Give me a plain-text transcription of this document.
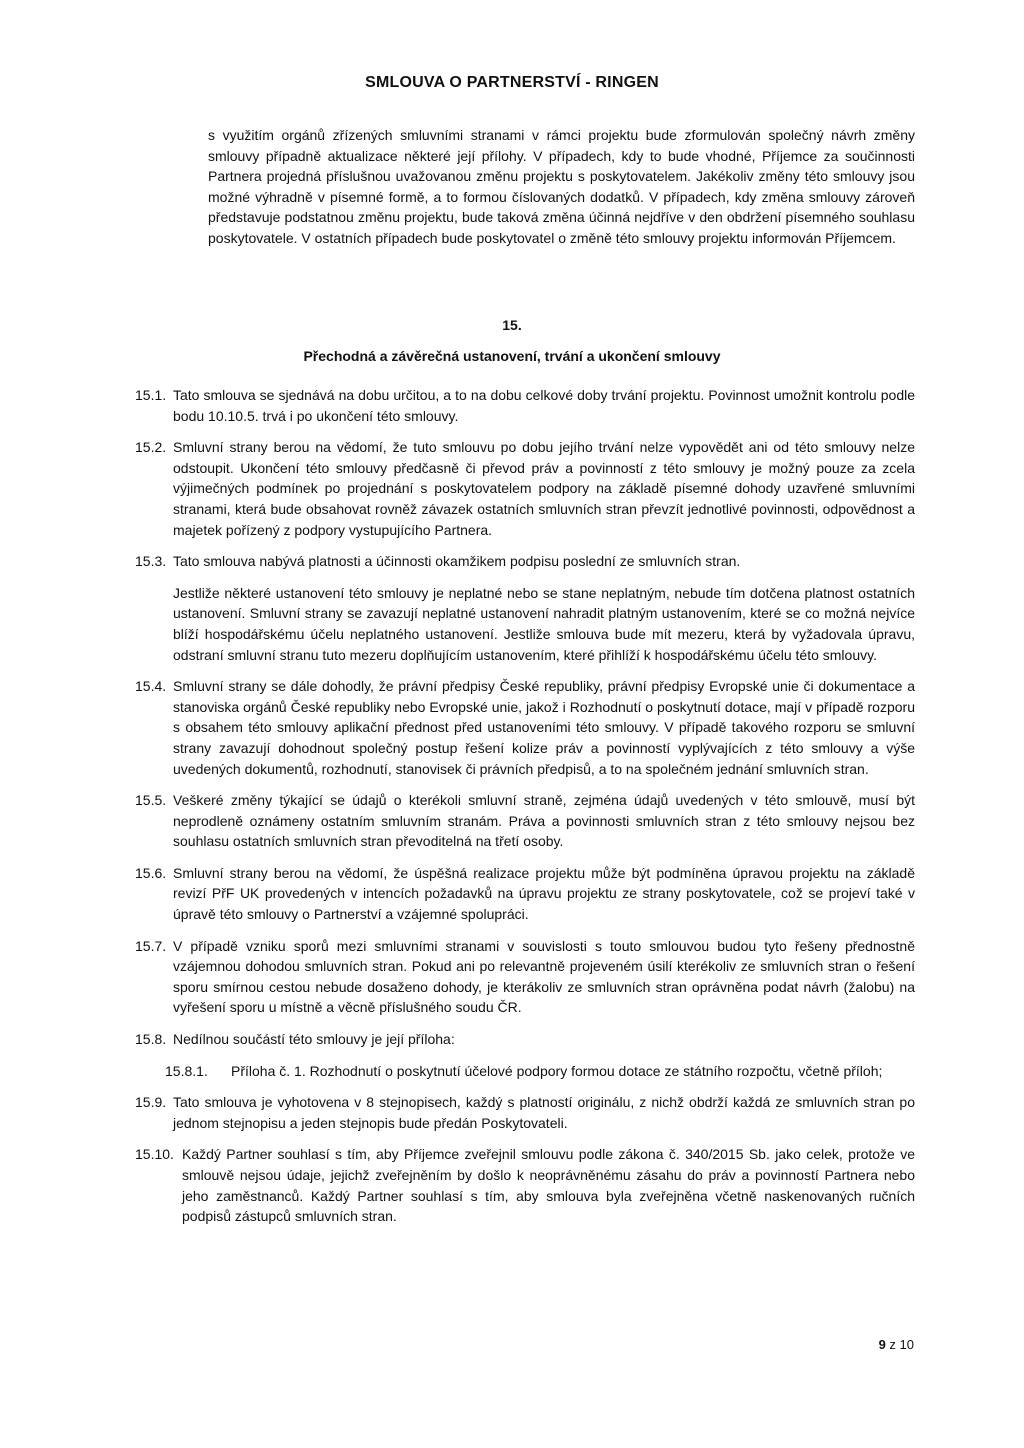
SMLOUVA O PARTNERSTVÍ - RINGEN
s využitím orgánů zřízených smluvními stranami v rámci projektu bude zformulován společný návrh změny smlouvy případně aktualizace některé její přílohy. V případech, kdy to bude vhodné, Příjemce za součinnosti Partnera projedná příslušnou uvažovanou změnu projektu s poskytovatelem. Jakékoliv změny této smlouvy jsou možné výhradně v písemné formě, a to formou číslovaných dodatků. V případech, kdy změna smlouvy zároveň představuje podstatnou změnu projektu, bude taková změna účinná nejdříve v den obdržení písemného souhlasu poskytovatele. V ostatních případech bude poskytovatel o změně této smlouvy projektu informován Příjemcem.
15.
Přechodná a závěrečná ustanovení, trvání a ukončení smlouvy
15.1. Tato smlouva se sjednává na dobu určitou, a to na dobu celkové doby trvání projektu. Povinnost umožnit kontrolu podle bodu 10.10.5. trvá i po ukončení této smlouvy.
15.2. Smluvní strany berou na vědomí, že tuto smlouvu po dobu jejího trvání nelze vypovědět ani od této smlouvy nelze odstoupit. Ukončení této smlouvy předčasně či převod práv a povinností z této smlouvy je možný pouze za zcela výjimečných podmínek po projednání s poskytovatelem podpory na základě písemné dohody uzavřené smluvními stranami, která bude obsahovat rovněž závazek ostatních smluvních stran převzít jednotlivé povinnosti, odpovědnost a majetek pořízený z podpory vystupujícího Partnera.
15.3. Tato smlouva nabývá platnosti a účinnosti okamžikem podpisu poslední ze smluvních stran.
Jestliže některé ustanovení této smlouvy je neplatné nebo se stane neplatným, nebude tím dotčena platnost ostatních ustanovení. Smluvní strany se zavazují neplatné ustanovení nahradit platným ustanovením, které se co možná nejvíce blíží hospodářskému účelu neplatného ustanovení. Jestliže smlouva bude mít mezeru, která by vyžadovala úpravu, odstraní smluvní stranu tuto mezeru doplňujícím ustanovením, které přihlíží k hospodářskému účelu této smlouvy.
15.4. Smluvní strany se dále dohodly, že právní předpisy České republiky, právní předpisy Evropské unie či dokumentace a stanoviska orgánů České republiky nebo Evropské unie, jakož i Rozhodnutí o poskytnutí dotace, mají v případě rozporu s obsahem této smlouvy aplikační přednost před ustanoveními této smlouvy. V případě takového rozporu se smluvní strany zavazují dohodnout společný postup řešení kolize práv a povinností vyplývajících z této smlouvy a výše uvedených dokumentů, rozhodnutí, stanovisek či právních předpisů, a to na společném jednání smluvních stran.
15.5. Veškeré změny týkající se údajů o kterékoli smluvní straně, zejména údajů uvedených v této smlouvě, musí být neprodleně oznámeny ostatním smluvním stranám. Práva a povinnosti smluvních stran z této smlouvy nejsou bez souhlasu ostatních smluvních stran převoditelná na třetí osoby.
15.6. Smluvní strany berou na vědomí, že úspěšná realizace projektu může být podmíněna úpravou projektu na základě revizí PřF UK provedených v intencích požadavků na úpravu projektu ze strany poskytovatele, což se projeví také v úpravě této smlouvy o Partnerství a vzájemné spolupráci.
15.7. V případě vzniku sporů mezi smluvními stranami v souvislosti s touto smlouvou budou tyto řešeny přednostně vzájemnou dohodou smluvních stran. Pokud ani po relevantně projeveném úsilí kterékoliv ze smluvních stran o řešení sporu smírnou cestou nebude dosaženo dohody, je kterákoliv ze smluvních stran oprávněna podat návrh (žalobu) na vyřešení sporu u místně a věcně příslušného soudu ČR.
15.8. Nedílnou součástí této smlouvy je její příloha:
15.8.1.	Příloha č. 1. Rozhodnutí o poskytnutí účelové podpory formou dotace ze státního rozpočtu, včetně příloh;
15.9. Tato smlouva je vyhotovena v 8 stejnopisech, každý s platností originálu, z nichž obdrží každá ze smluvních stran po jednom stejnopisu a jeden stejnopis bude předán Poskytovateli.
15.10. Každý Partner souhlasí s tím, aby Příjemce zveřejnil smlouvu podle zákona č. 340/2015 Sb. jako celek, protože ve smlouvě nejsou údaje, jejichž zveřejněním by došlo k neoprávněnému zásahu do práv a povinností Partnera nebo jeho zaměstnanců. Každý Partner souhlasí s tím, aby smlouva byla zveřejněna včetně naskenovaných ručních podpisů zástupců smluvních stran.
9 z 10
